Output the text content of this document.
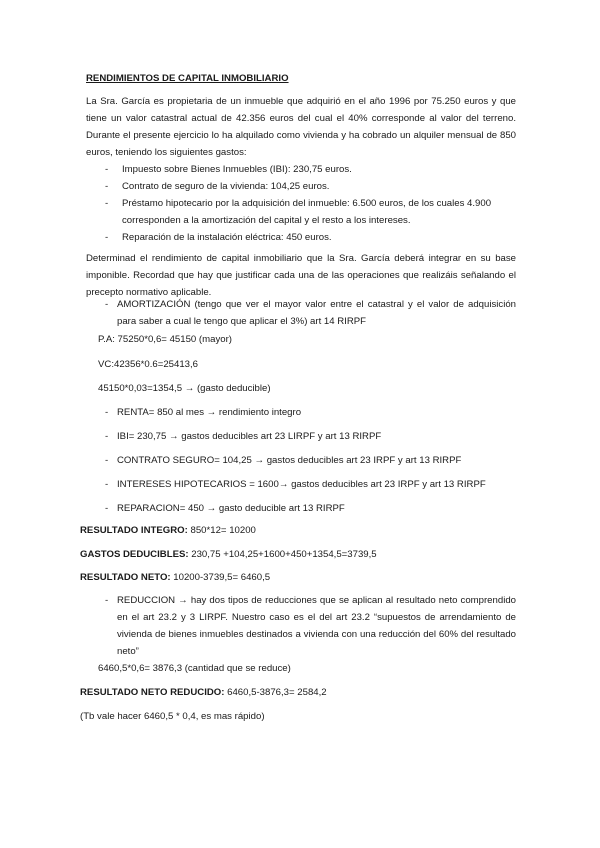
RENDIMIENTOS DE CAPITAL INMOBILIARIO
La Sra. García es propietaria de un inmueble que adquirió en el año 1996 por 75.250 euros y que tiene un valor catastral actual de 42.356 euros del cual el 40% corresponde al valor del terreno. Durante el presente ejercicio lo ha alquilado como vivienda y ha cobrado un alquiler mensual de 850 euros, teniendo los siguientes gastos:
- Impuesto sobre Bienes Inmuebles (IBI): 230,75 euros.
- Contrato de seguro de la vivienda: 104,25 euros.
- Préstamo hipotecario por la adquisición del inmueble: 6.500 euros, de los cuales 4.900 corresponden a la amortización del capital y el resto a los intereses.
- Reparación de la instalación eléctrica: 450 euros.
Determinad el rendimiento de capital inmobiliario que la Sra. García deberá integrar en su base imponible. Recordad que hay que justificar cada una de las operaciones que realizáis señalando el precepto normativo aplicable.
- AMORTIZACIÓN (tengo que ver el mayor valor entre el catastral y el valor de adquisición para saber a cual le tengo que aplicar el 3%) art 14 RIRPF
P.A: 75250*0,6= 45150 (mayor)
VC:42356*0.6=25413,6
45150*0,03=1354,5 → (gasto deducible)
- RENTA= 850 al mes → rendimiento integro
- IBI= 230,75 → gastos deducibles art 23 LIRPF y art 13 RIRPF
- CONTRATO SEGURO= 104,25 → gastos deducibles art 23 IRPF y art 13 RIRPF
- INTERESES HIPOTECARIOS = 1600→ gastos deducibles art 23 IRPF y art 13 RIRPF
- REPARACION= 450 → gasto deducible art 13 RIRPF
RESULTADO INTEGRO: 850*12= 10200
GASTOS DEDUCIBLES: 230,75 +104,25+1600+450+1354,5=3739,5
RESULTADO NETO: 10200-3739,5= 6460,5
- REDUCCION → hay dos tipos de reducciones que se aplican al resultado neto comprendido en el art 23.2 y 3 LIRPF. Nuestro caso es el del art 23.2 “supuestos de arrendamiento de vivienda de bienes inmuebles destinados a vivienda con una reducción del 60% del resultado neto”
6460,5*0,6= 3876,3 (cantidad que se reduce)
RESULTADO NETO REDUCIDO: 6460,5-3876,3= 2584,2
(Tb vale hacer 6460,5 * 0,4, es mas rápido)
